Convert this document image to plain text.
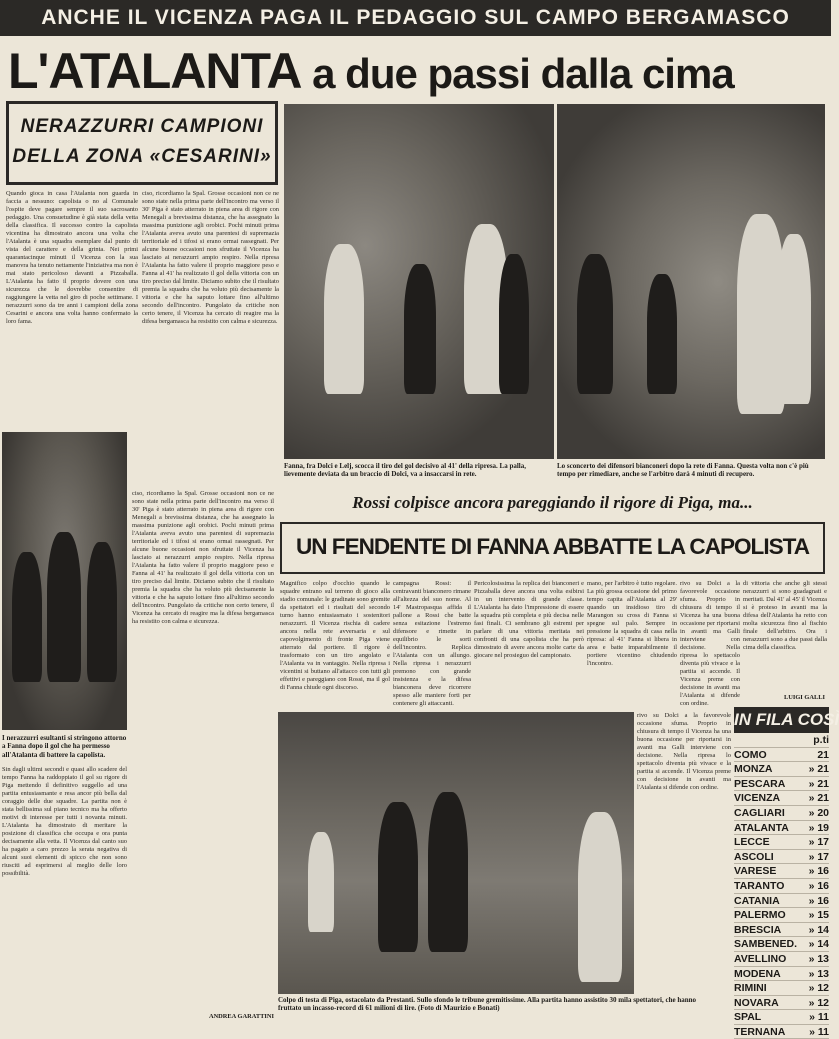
ANCHE IL VICENZA PAGA IL PEDAGGIO SUL CAMPO BERGAMASCO
L'ATALANTA a due passi dalla cima
NERAZZURRI CAMPIONI
DELLA ZONA «CESARINI»
Quando gioca in casa l'Atalanta non guarda in faccia a nessuno: capolista o no al Comunale l'ospite deve pagare sempre il suo sacrosanto pedaggio. Una consuetudine è già stata della vetta della classifica. Il successo contro la capolista vicentina ha dimostrato ancora una volta che l'Atalanta è una squadra esemplare dal punto di vista del carattere e della grinta. Nei primi quarantacinque minuti il Vicenza con la sua manovra ha tenuto nettamente l'iniziativa ma non è mai stato pericoloso davanti a Pizzaballa. L'Atalanta ha fatto il proprio dovere con una sicurezza che le dovrebbe consentire di raggiungere la vetta nel giro di poche settimane. I nerazzurri sono da tre anni i campioni della zona Cesarini e ancora una volta hanno confermato la loro fama.
ciso, ricordiamo la Spal. Grosse occasioni non ce ne sono state nella prima parte dell'incontro ma verso il 30' Piga è stato atterrato in piena area di rigore con Menegali a brevissima distanza, che ha assegnato la massima punizione agli orobici. Pochi minuti prima l'Atalanta aveva avuto una parentesi di supremazia territoriale ed i tifosi si erano ormai rassegnati. Per alcune buone occasioni non sfruttate il Vicenza ha lasciato ai nerazzurri ampio respiro. Nella ripresa l'Atalanta ha fatto valere il proprio maggiore peso e Fanna al 41' ha realizzato il gol della vittoria con un tiro preciso dal limite. Diciamo subito che il risultato premia la squadra che ha voluto più decisamente la vittoria e che ha saputo lottare fino all'ultimo secondo dell'incontro. Pungolato da critiche non certo tenere, il Vicenza ha cercato di reagire ma la difesa bergamasca ha resistito con calma e sicurezza.
Fanna, fra Dolci e Lelj, scocca il tiro del gol decisivo al 41' della ripresa. La palla, lievemente deviata da un braccio di Dolci, va a insaccarsi in rete.
Lo sconcerto dei difensori bianconeri dopo la rete di Fanna. Questa volta non c'è più tempo per rimediare, anche se l'arbitro darà 4 minuti di recupero.
Rossi colpisce ancora pareggiando il rigore di Piga, ma...
UN FENDENTE DI FANNA ABBATTE LA CAPOLISTA
I nerazzurri esultanti si stringono attorno a Fanna dopo il gol che ha permesso all'Atalanta di battere la capolista.
Sin dagli ultimi secondi e quasi allo scadere del tempo Fanna ha raddoppiato il gol su rigore di Piga mettendo il definitivo suggello ad una partita entusiasmante e resa ancor più bella dal coraggio delle due squadre. La partita non è stata bellissima sul piano tecnico ma ha offerto motivi di interesse per tutti i novanta minuti. L'Atalanta ha dimostrato di meritare la posizione di classifica che occupa e ora punta decisamente alla vetta. Il Vicenza dal canto suo ha pagato a caro prezzo la serata negativa di alcuni suoi elementi di spicco che non sono riusciti ad esprimersi al meglio delle loro possibilità.
ciso, ricordiamo la Spal. Grosse occasioni non ce ne sono state nella prima parte dell'incontro ma verso il 30' Piga è stato atterrato in piena area di rigore con Menegali a brevissima distanza, che ha assegnato la massima punizione agli orobici. Pochi minuti prima l'Atalanta aveva avuto una parentesi di supremazia territoriale ed i tifosi si erano ormai rassegnati. Per alcune buone occasioni non sfruttate il Vicenza ha lasciato ai nerazzurri ampio respiro. Nella ripresa l'Atalanta ha fatto valere il proprio maggiore peso e Fanna al 41' ha realizzato il gol della vittoria con un tiro preciso dal limite. Diciamo subito che il risultato premia la squadra che ha voluto più decisamente la vittoria e che ha saputo lottare fino all'ultimo secondo dell'incontro. Pungolato da critiche non certo tenere, il Vicenza ha cercato di reagire ma la difesa bergamasca ha resistito con calma e sicurezza.
ANDREA GARATTINI
Magnifico colpo d'occhio quando le squadre entrano sul terreno di gioco alla stadio comunale: le gradinate sono gremite da spettatori ed i risultati del secondo turno hanno entusiasmato i sostenitori nerazzurri. Il Vicenza rischia di cadere ancora nella rete avversaria e sul capovolgimento di fronte Piga viene atterrato dal portiere. Il rigore è trasformato con un tiro angolato e l'Atalanta va in vantaggio. Nella ripresa i vicentini si buttano all'attacco con tutti gli effettivi e pareggiano con Rossi, ma il gol di Fanna chiude ogni discorso.
campagna Rossi: il centravanti bianconero rimane all'altezza del suo nome. Al 14' Mastropasqua affida il pallone a Rossi che batte senza esitazione l'estremo difensore e rimette in equilibrio le sorti dell'incontro. Replica l'Atalanta con un allungo. Nella ripresa i nerazzurri premono con grande insistenza e la difesa bianconera deve ricorrere spesso alle maniere forti per contenere gli attaccanti.
Pericolosissima la replica dei bianconeri e Pizzaballa deve ancora una volta esibirsi in un intervento di grande classe. L'Atalanta ha dato l'impressione di essere la squadra più completa e più decisa nelle fasi finali. Ci sembrano gli estremi per parlare di una vittoria meritata nei confronti di una capolista che ha però dimostrato di avere ancora molte carte da giocare nel prosieguo del campionato.
mano, per l'arbitro è tutto regolare. La più grossa occasione del primo tempo capita all'Atalanta al 29' quando un insidioso tiro di Marangon su cross di Fanna si spegne sul palo. Sempre in pressione la squadra di casa nella ripresa: al 41' Fanna si libera in area e batte imparabilmente il portiere vicentino chiudendo l'incontro.
rivo su Dolci a la favorevole occasione sfuma. Proprio in chiusura di tempo il Vicenza ha una buona occasione per riportarsi in avanti ma Galli interviene con decisione. Nella ripresa lo spettacolo diventa più vivace e la partita si accende. Il Vicenza preme con decisione in avanti ma l'Atalanta si difende con ordine.
di vittoria che anche gli stessi nerazzurri si sono guadagnati e meritati. Dal 41' al 45' il Vicenza si è proteso in avanti ma la difesa dell'Atalanta ha retto con molta sicurezza fino al fischio finale dell'arbitro. Ora i nerazzurri sono a due passi dalla cima della classifica.
LUIGI GALLI
Colpo di testa di Piga, ostacolato da Prestanti. Sullo sfondo le tribune gremitissime. Alla partita hanno assistito 30 mila spettatori, che hanno fruttato un incasso-record di 61 milioni di lire. (Foto di Maurizio e Bonati)
rivo su Dolci a la favorevole occasione sfuma. Proprio in chiusura di tempo il Vicenza ha una buona occasione per riportarsi in avanti ma Galli interviene con decisione. Nella ripresa lo spettacolo diventa più vivace e la partita si accende. Il Vicenza preme con decisione in avanti ma l'Atalanta si difende con ordine.
IN FILA COSÌ
p.ti
COMO	21
MONZA	» 21
PESCARA » 21
VICENZA	» 21
CAGLIARI » 20
ATALANTA » 19
LECCE	» 17
ASCOLI	» 17
VARESE	» 16
TARANTO » 16
CATANIA	» 16
PALERMO » 15
BRESCIA	» 14
SAMBENED. » 14
AVELLINO » 13
MODENA	» 13
RIMINI	» 12
NOVARA	» 12
SPAL	» 11
TERNANA » 11
